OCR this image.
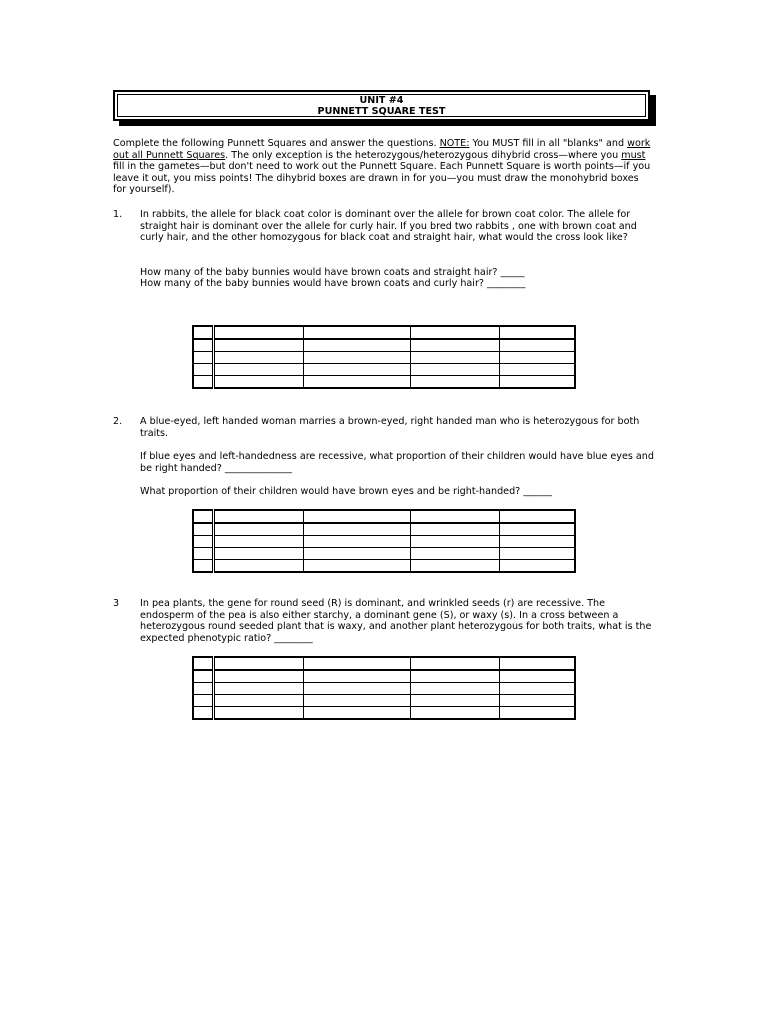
UNIT #4
PUNNETT SQUARE TEST
Complete the following Punnett Squares and answer the questions. NOTE: You MUST fill in all "blanks" and work out all Punnett Squares. The only exception is the heterozygous/heterozygous dihybrid cross—where you must fill in the gametes—but don't need to work out the Punnett Square. Each Punnett Square is worth points—if you leave it out, you miss points! The dihybrid boxes are drawn in for you—you must draw the monohybrid boxes for yourself).
1. In rabbits, the allele for black coat color is dominant over the allele for brown coat color. The allele for straight hair is dominant over the allele for curly hair. If you bred two rabbits , one with brown coat and curly hair, and the other homozygous for black coat and straight hair, what would the cross look like?
How many of the baby bunnies would have brown coats and straight hair? _____
How many of the baby bunnies would have brown coats and curly hair? ________

2. A blue-eyed, left handed woman marries a brown-eyed, right handed man who is heterozygous for both traits.
If blue eyes and left-handedness are recessive, what proportion of their children would have blue eyes and be right handed? ______________
What proportion of their children would have brown eyes and be right-handed? ______

3 In pea plants, the gene for round seed (R) is dominant, and wrinkled seeds (r) are recessive. The endosperm of the pea is also either starchy, a dominant gene (S), or waxy (s). In a cross between a heterozygous round seeded plant that is waxy, and another plant heterozygous for both traits, what is the expected phenotypic ratio? ________
